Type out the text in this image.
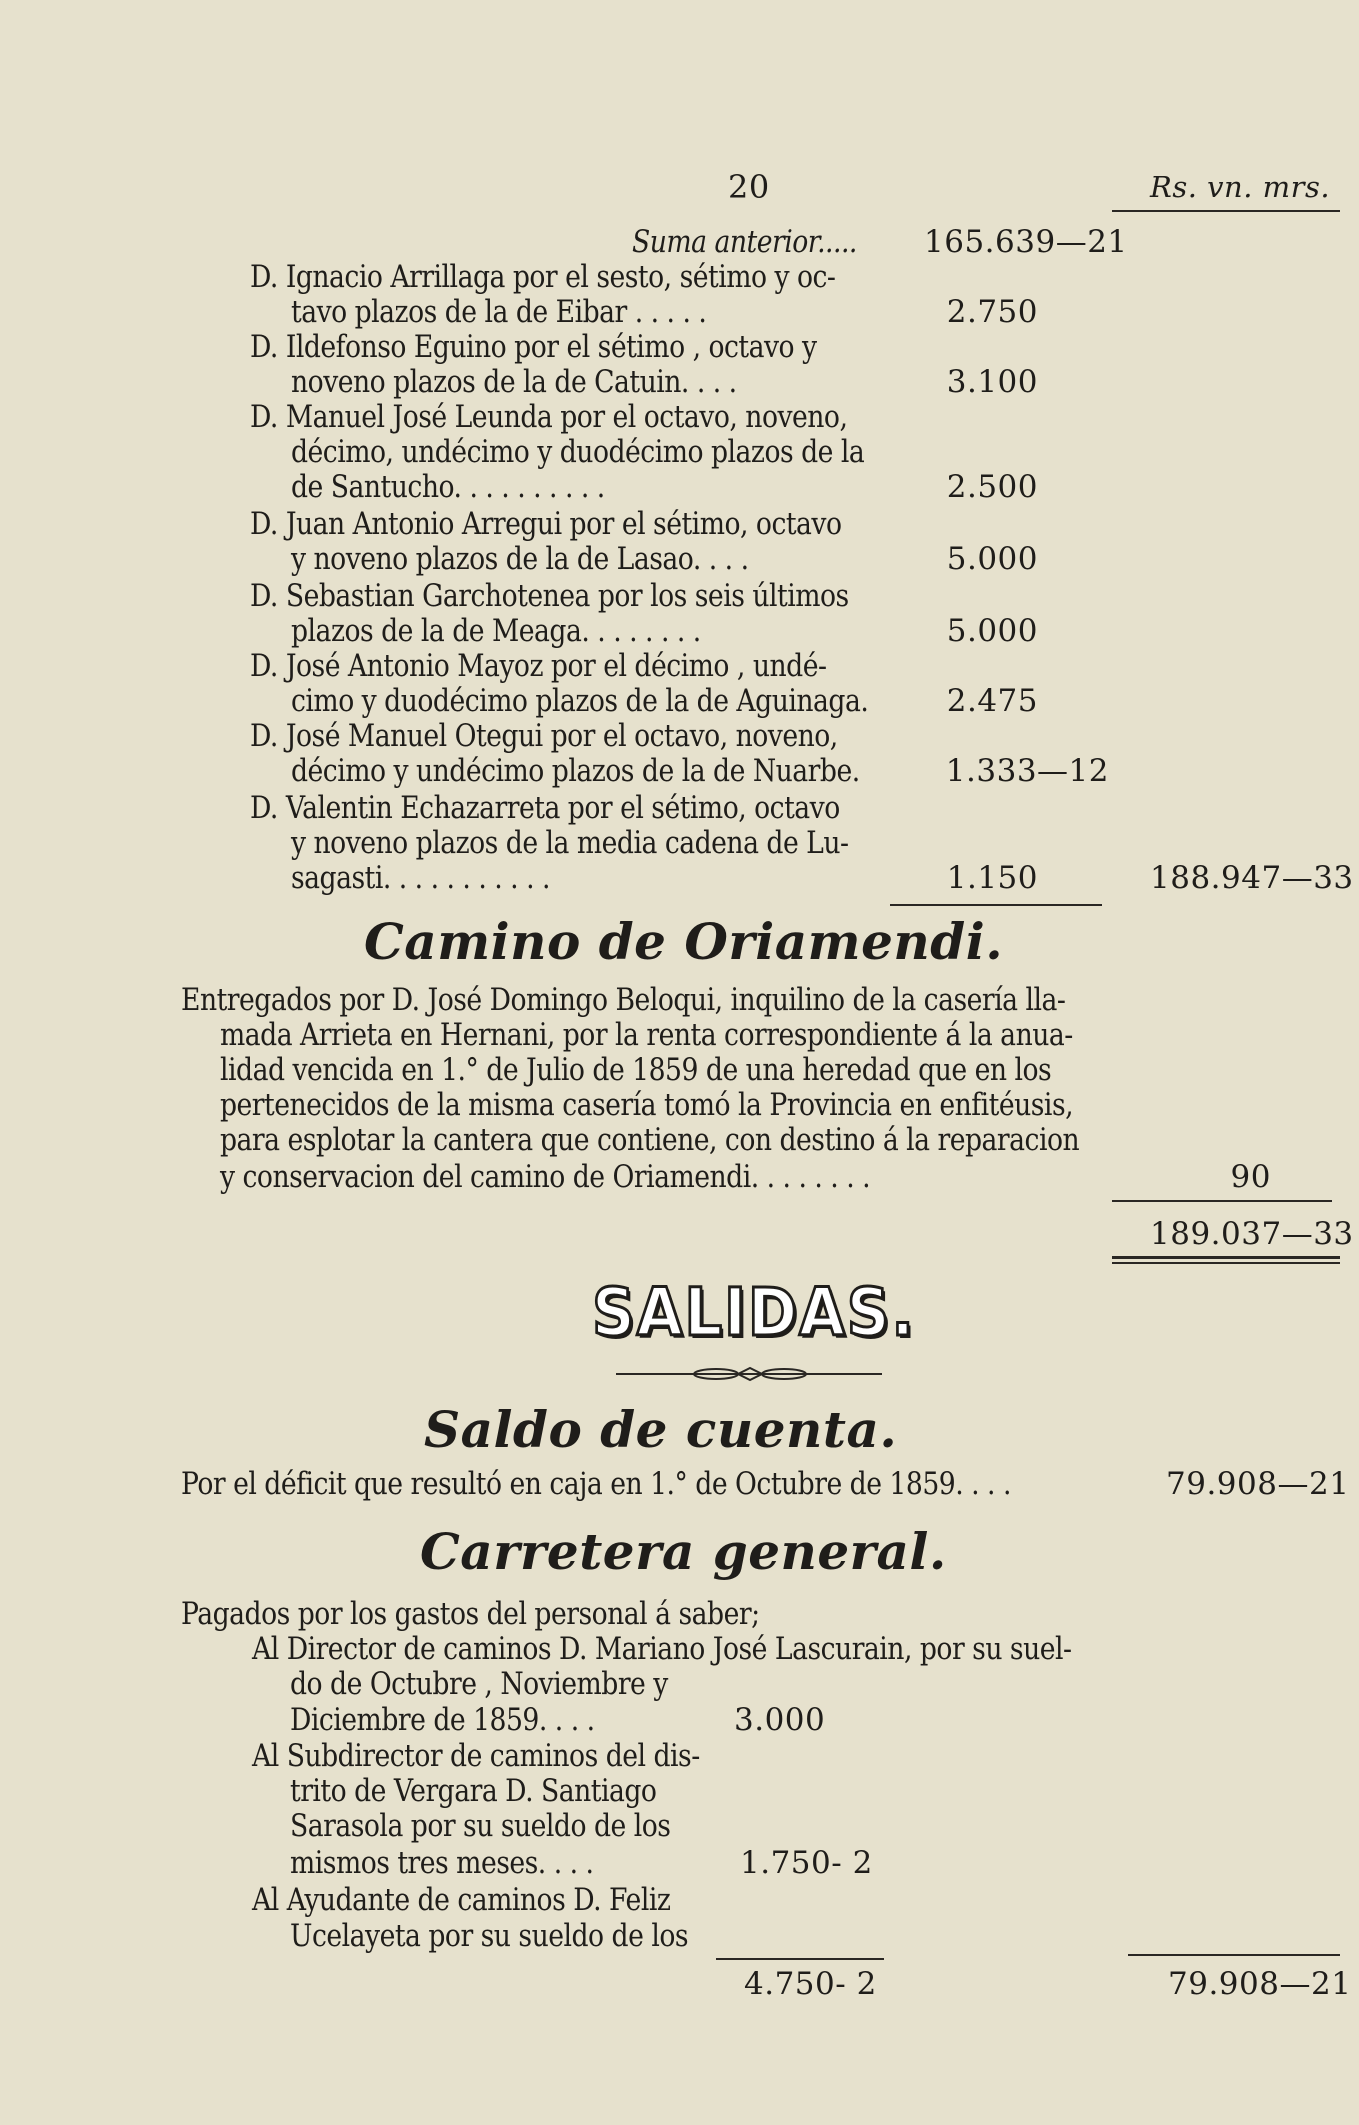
20	Rs. vn. mrs.
Suma anterior..... 165.639—21
D. Ignacio Arrillaga por el sesto, sétimo y oc-
tavo plazos de la de Eibar . . . . .	2.750
D. Ildefonso Eguino por el sétimo , octavo y
noveno plazos de la de Catuin. . . .	3.100
D. Manuel José Leunda por el octavo, noveno,
décimo, undécimo y duodécimo plazos de la
de Santucho. . . . . . . . . .	2.500
D. Juan Antonio Arregui por el sétimo, octavo
y noveno plazos de la de Lasao. . . .	5.000
D. Sebastian Garchotenea por los seis últimos
plazos de la de Meaga. . . . . . . .	5.000
D. José Antonio Mayoz por el décimo , undé-
cimo y duodécimo plazos de la de Aguinaga.	2.475
D. José Manuel Otegui por el octavo, noveno,
décimo y undécimo plazos de la de Nuarbe.	1.333—12
D. Valentin Echazarreta por el sétimo, octavo
y noveno plazos de la media cadena de Lu-
sagasti. . . . . . . . . . .	1.150	188.947—33
Camino de Oriamendi.
Entregados por D. José Domingo Beloqui, inquilino de la casería lla-
mada Arrieta en Hernani, por la renta correspondiente á la anua-
lidad vencida en 1.° de Julio de 1859 de una heredad que en los
pertenecidos de la misma casería tomó la Provincia en enfitéusis,
para esplotar la cantera que contiene, con destino á la reparacion
y conservacion del camino de Oriamendi. . . . . . . .	90
189.037—33
SALIDAS.
Saldo de cuenta.
Por el déficit que resultó en caja en 1.° de Octubre de 1859. . . .	79.908—21
Carretera general.
Pagados por los gastos del personal á saber;
Al Director de caminos D. Mariano José Lascurain, por su suel-
do de Octubre , Noviembre y
Diciembre de 1859. . . .	3.000
Al Subdirector de caminos del dis-
trito de Vergara D. Santiago
Sarasola por su sueldo de los
mismos tres meses. . . .	1.750- 2
Al Ayudante de caminos D. Feliz
Ucelayeta por su sueldo de los
4.750- 2	79.908—21
